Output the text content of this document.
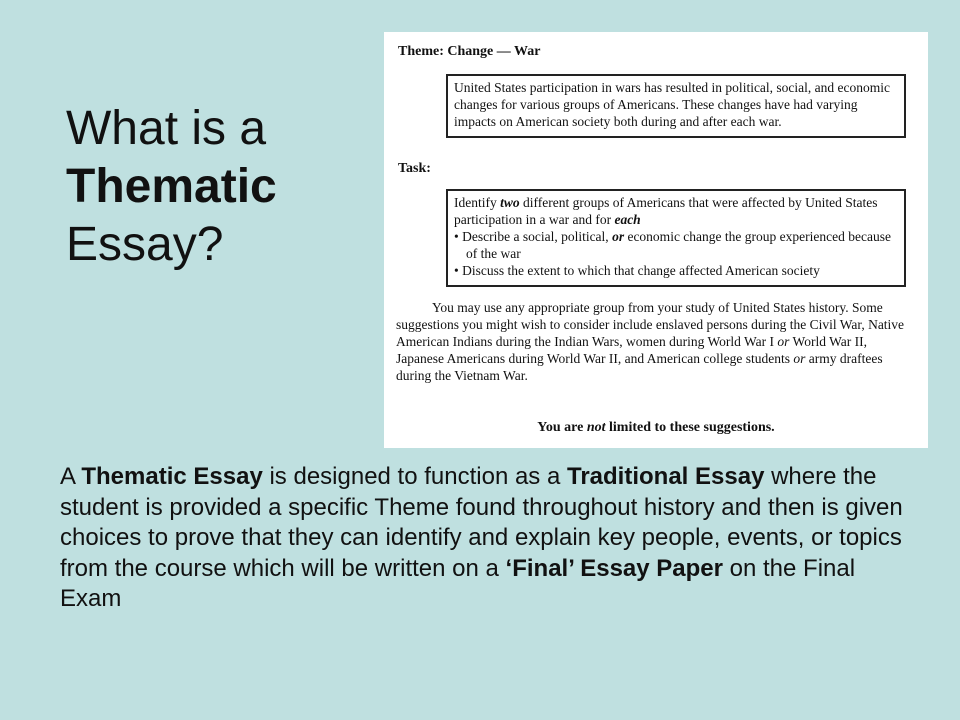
What is a
Thematic
Essay?
Theme: Change — War
United States participation in wars has resulted in political, social, and economic changes for various groups of Americans. These changes have had varying impacts on American society both during and after each war.
Task:
Identify two different groups of Americans that were affected by United States participation in a war and for each
• Describe a social, political, or economic change the group experienced because of the war
• Discuss the extent to which that change affected American society
You may use any appropriate group from your study of United States history. Some suggestions you might wish to consider include enslaved persons during the Civil War, Native American Indians during the Indian Wars, women during World War I or World War II, Japanese Americans during World War II, and American college students or army draftees during the Vietnam War.
You are not limited to these suggestions.
A Thematic Essay is designed to function as a Traditional Essay where the student is provided a specific Theme found throughout history and then is given choices to prove that they can identify and explain key people, events, or topics from the course which will be written on a ‘Final’ Essay Paper on the Final Exam
